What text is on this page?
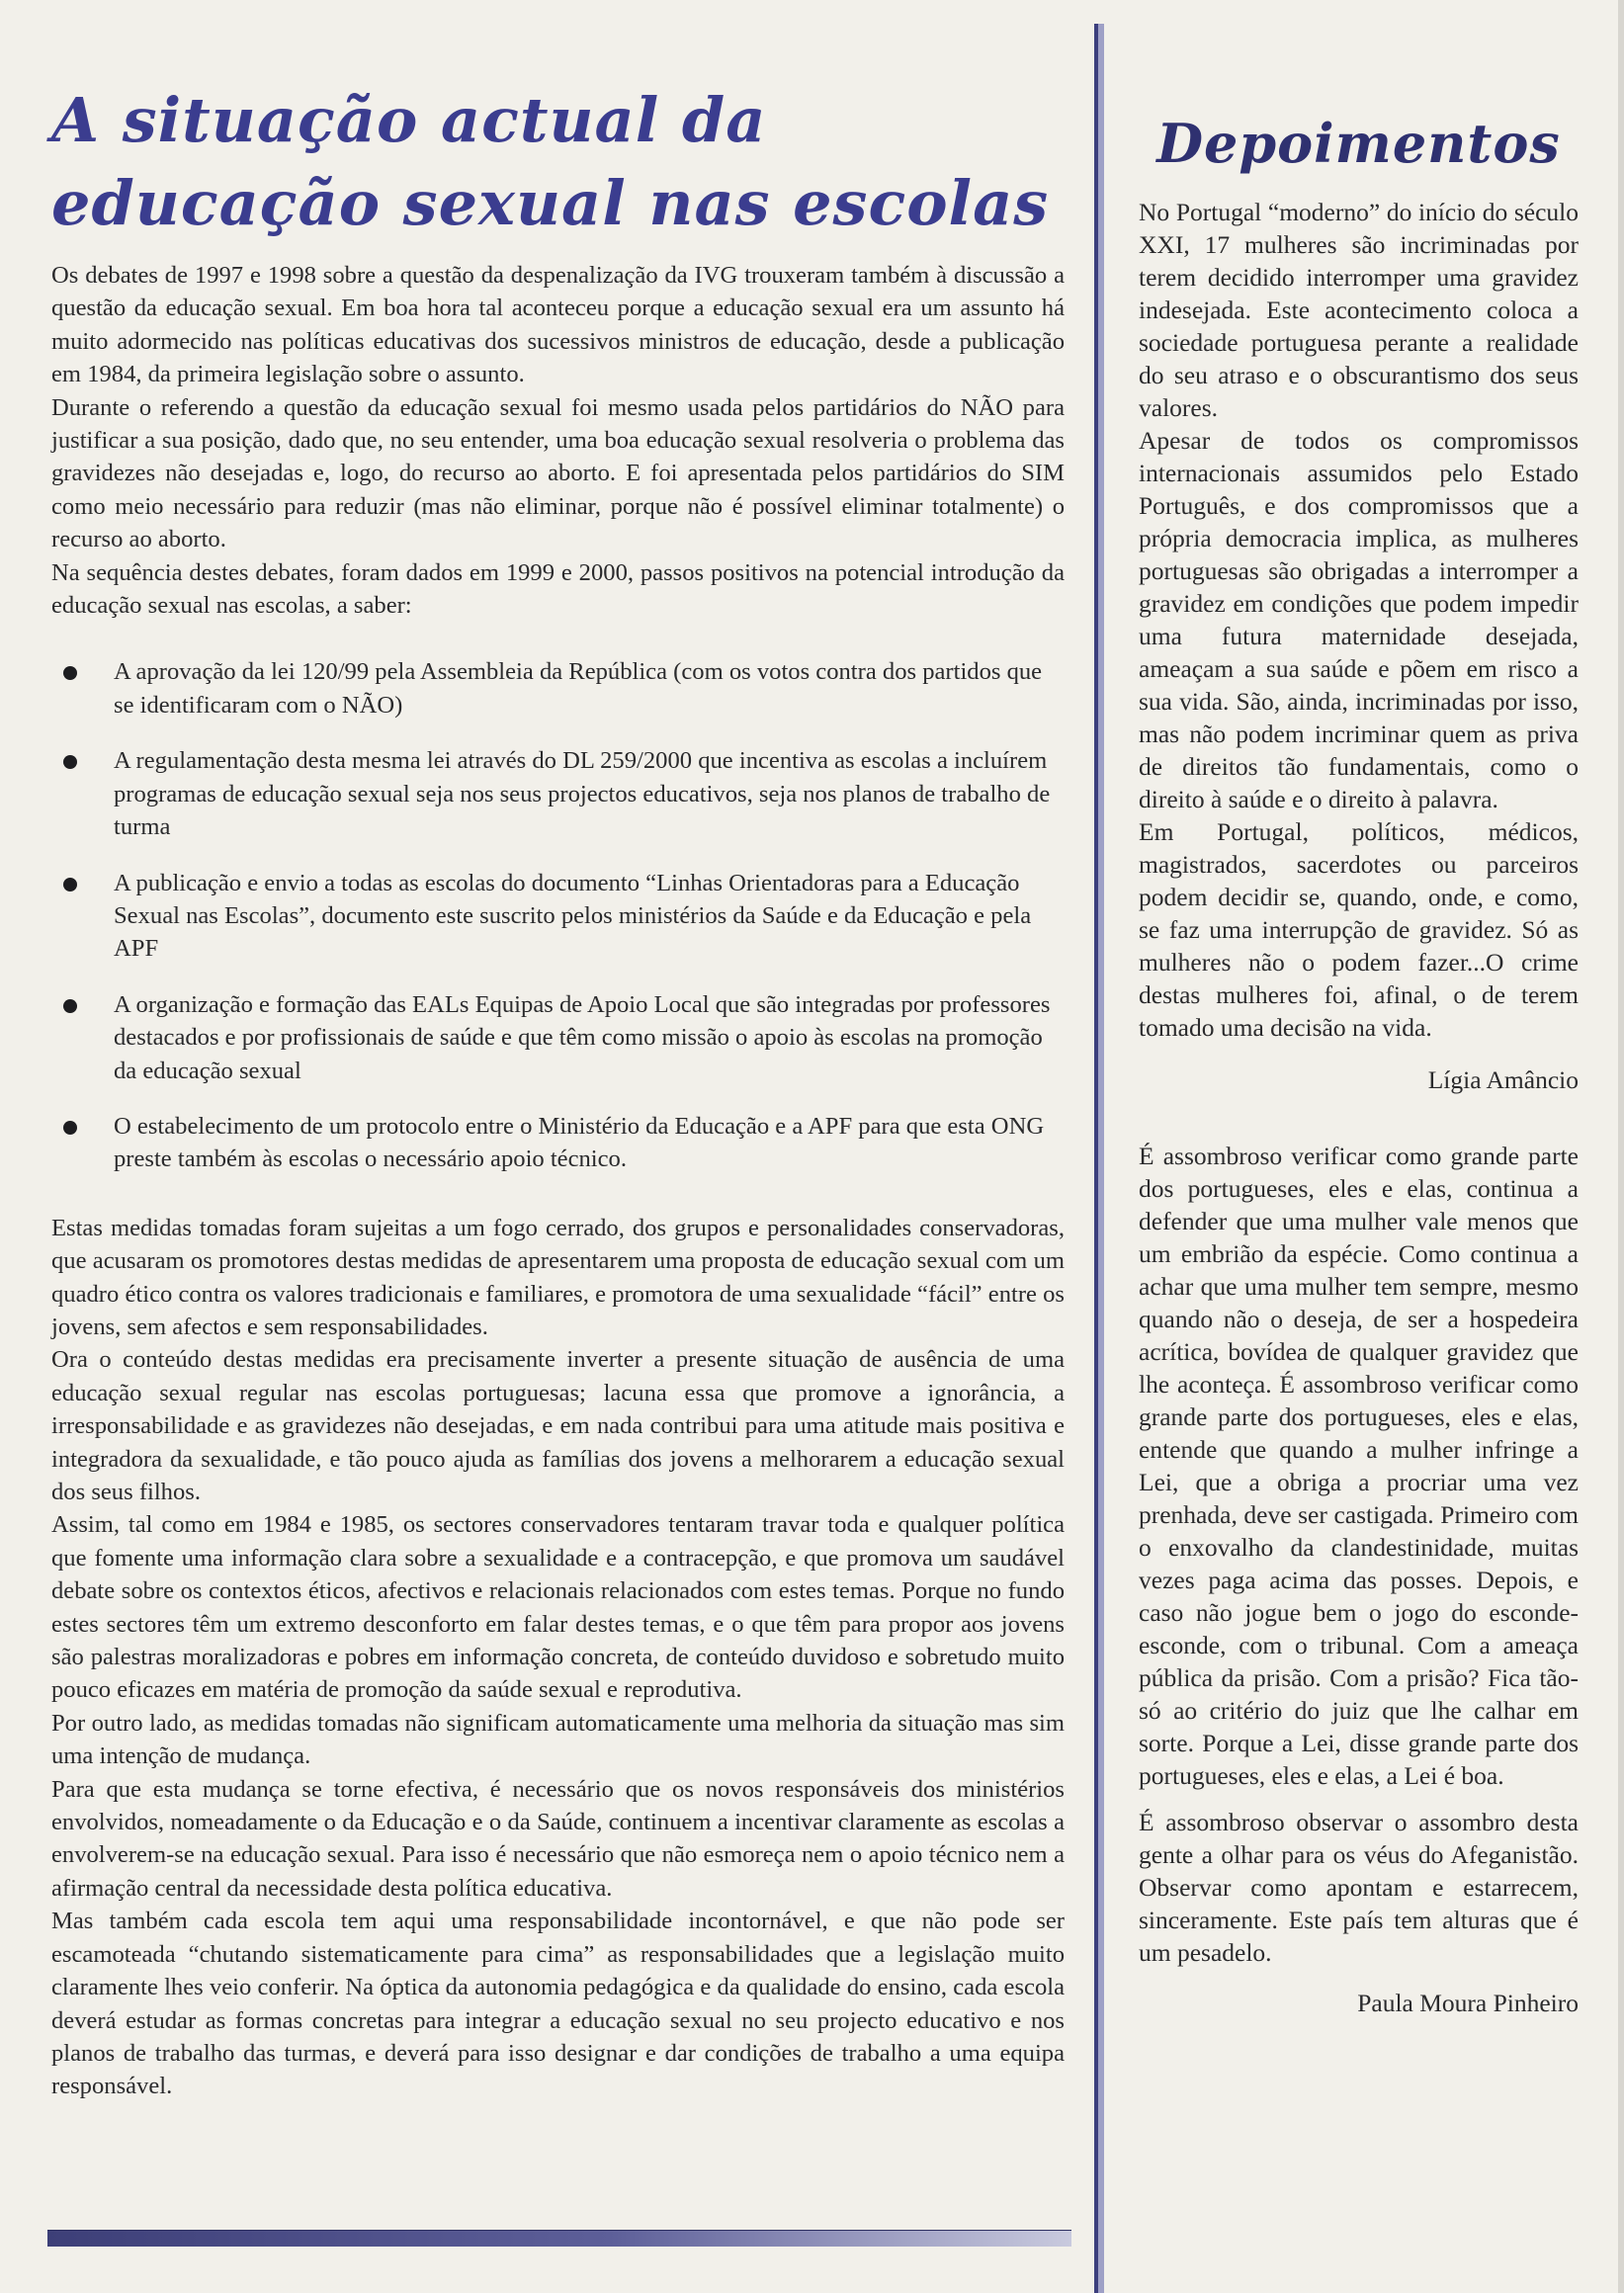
A situação actual da educação sexual nas escolas

Os debates de 1997 e 1998 sobre a questão da despenalização da IVG trouxeram também à discussão a questão da educação sexual. Em boa hora tal aconteceu porque a educação sexual era um assunto há muito adormecido nas políticas educativas dos sucessivos ministros de educação, desde a publicação em 1984, da primeira legislação sobre o assunto.

Durante o referendo a questão da educação sexual foi mesmo usada pelos partidários do NÃO para justificar a sua posição, dado que, no seu entender, uma boa educação sexual resolveria o problema das gravidezes não desejadas e, logo, do recurso ao aborto. E foi apresentada pelos partidários do SIM como meio necessário para reduzir (mas não eliminar, porque não é possível eliminar totalmente) o recurso ao aborto.

Na sequência destes debates, foram dados em 1999 e 2000, passos positivos na potencial introdução da educação sexual nas escolas, a saber:

A aprovação da lei 120/99 pela Assembleia da República (com os votos contra dos partidos que se identificaram com o NÃO)
A regulamentação desta mesma lei através do DL 259/2000 que incentiva as escolas a incluírem programas de educação sexual seja nos seus projectos educativos, seja nos planos de trabalho de turma
A publicação e envio a todas as escolas do documento “Linhas Orientadoras para a Educação Sexual nas Escolas”, documento este suscrito pelos ministérios da Saúde e da Educação e pela APF
A organização e formação das EALs Equipas de Apoio Local que são integradas por professores destacados e por profissionais de saúde e que têm como missão o apoio às escolas na promoção da educação sexual
O estabelecimento de um protocolo entre o Ministério da Educação e a APF para que esta ONG preste também às escolas o necessário apoio técnico.

Estas medidas tomadas foram sujeitas a um fogo cerrado, dos grupos e personalidades conservadoras, que acusaram os promotores destas medidas de apresentarem uma proposta de educação sexual com um quadro ético contra os valores tradicionais e familiares, e promotora de uma sexualidade “fácil” entre os jovens, sem afectos e sem responsabilidades.

Ora o conteúdo destas medidas era precisamente inverter a presente situação de ausência de uma educação sexual regular nas escolas portuguesas; lacuna essa que promove a ignorância, a irresponsabilidade e as gravidezes não desejadas, e em nada contribui para uma atitude mais positiva e integradora da sexualidade, e tão pouco ajuda as famílias dos jovens a melhorarem a educação sexual dos seus filhos.

Assim, tal como em 1984 e 1985, os sectores conservadores tentaram travar toda e qualquer política que fomente uma informação clara sobre a sexualidade e a contracepção, e que promova um saudável debate sobre os contextos éticos, afectivos e relacionais relacionados com estes temas. Porque no fundo estes sectores têm um extremo desconforto em falar destes temas, e o que têm para propor aos jovens são palestras moralizadoras e pobres em informação concreta, de conteúdo duvidoso e sobretudo muito pouco eficazes em matéria de promoção da saúde sexual e reprodutiva.

Por outro lado, as medidas tomadas não significam automaticamente uma melhoria da situação mas sim uma intenção de mudança.

Para que esta mudança se torne efectiva, é necessário que os novos responsáveis dos ministérios envolvidos, nomeadamente o da Educação e o da Saúde, continuem a incentivar claramente as escolas a envolverem-se na educação sexual. Para isso é necessário que não esmoreça nem o apoio técnico nem a afirmação central da necessidade desta política educativa.

Mas também cada escola tem aqui uma responsabilidade incontornável, e que não pode ser escamoteada “chutando sistematicamente para cima” as responsabilidades que a legislação muito claramente lhes veio conferir. Na óptica da autonomia pedagógica e da qualidade do ensino, cada escola deverá estudar as formas concretas para integrar a educação sexual no seu projecto educativo e nos planos de trabalho das turmas, e deverá para isso designar e dar condições de trabalho a uma equipa responsável.

Depoimentos

No Portugal “moderno” do início do século XXI, 17 mulheres são incriminadas por terem decidido interromper uma gravidez indesejada. Este acontecimento coloca a sociedade portuguesa perante a realidade do seu atraso e o obscurantismo dos seus valores.

Apesar de todos os compromissos internacionais assumidos pelo Estado Português, e dos compromissos que a própria democracia implica, as mulheres portuguesas são obrigadas a interromper a gravidez em condições que podem impedir uma futura maternidade desejada, ameaçam a sua saúde e põem em risco a sua vida. São, ainda, incriminadas por isso, mas não podem incriminar quem as priva de direitos tão fundamentais, como o direito à saúde e o direito à palavra.

Em Portugal, políticos, médicos, magistrados, sacerdotes ou parceiros podem decidir se, quando, onde, e como, se faz uma interrupção de gravidez. Só as mulheres não o podem fazer...O crime destas mulheres foi, afinal, o de terem tomado uma decisão na vida.

Lígia Amâncio

É assombroso verificar como grande parte dos portugueses, eles e elas, continua a defender que uma mulher vale menos que um embrião da espécie. Como continua a achar que uma mulher tem sempre, mesmo quando não o deseja, de ser a hospedeira acrítica, bovídea de qualquer gravidez que lhe aconteça. É assombroso verificar como grande parte dos portugueses, eles e elas, entende que quando a mulher infringe a Lei, que a obriga a procriar uma vez prenhada, deve ser castigada. Primeiro com o enxovalho da clandestinidade, muitas vezes paga acima das posses. Depois, e caso não jogue bem o jogo do esconde-esconde, com o tribunal. Com a ameaça pública da prisão. Com a prisão? Fica tão-só ao critério do juiz que lhe calhar em sorte. Porque a Lei, disse grande parte dos portugueses, eles e elas, a Lei é boa.

É assombroso observar o assombro desta gente a olhar para os véus do Afeganistão. Observar como apontam e estarrecem, sinceramente. Este país tem alturas que é um pesadelo.

Paula Moura Pinheiro
